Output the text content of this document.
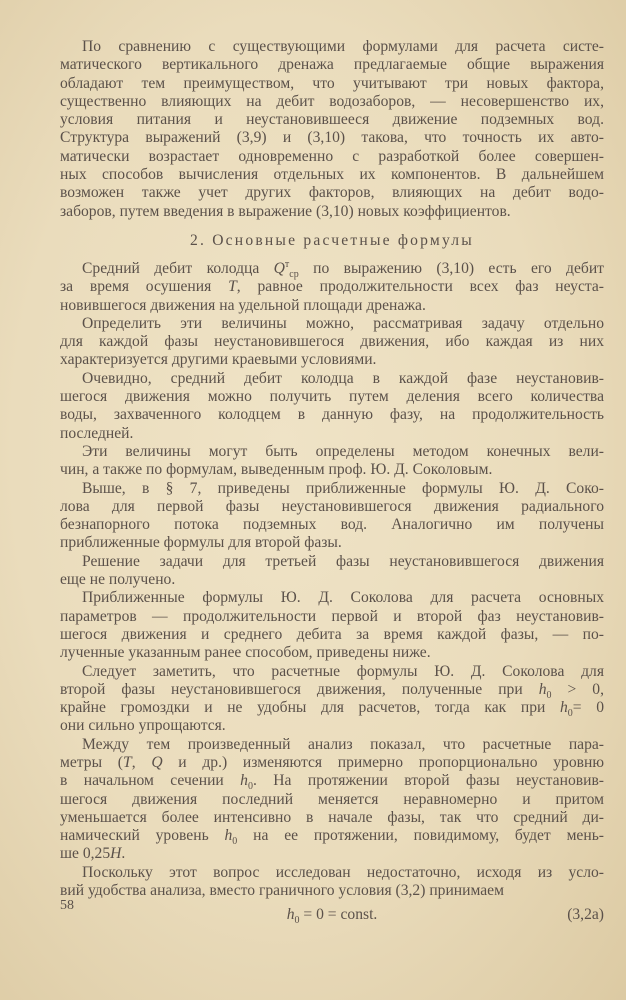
По сравнению с существующими формулами для расчета систе-
матического вертикального дренажа предлагаемые общие выражения
обладают тем преимуществом, что учитывают три новых фактора,
существенно влияющих на дебит водозаборов, — несовершенство их,
условия питания и неустановившееся движение подземных вод.
Структура выражений (3,9) и (3,10) такова, что точность их авто-
матически возрастает одновременно с разработкой более совершен-
ных способов вычисления отдельных их компонентов. В дальнейшем
возможен также учет других факторов, влияющих на дебит водо-
заборов, путем введения в выражение (3,10) новых коэффициентов.
2. Основные расчетные формулы
Средний дебит колодца $Q^т_{ср}$ по выражению (3,10) есть его дебит
за время осушения T, равное продолжительности всех фаз неуста-
новившегося движения на удельной площади дренажа.
Определить эти величины можно, рассматривая задачу отдельно
для каждой фазы неустановившегося движения, ибо каждая из них
характеризуется другими краевыми условиями.
Очевидно, средний дебит колодца в каждой фазе неустановив-
шегося движения можно получить путем деления всего количества
воды, захваченного колодцем в данную фазу, на продолжительность
последней.
Эти величины могут быть определены методом конечных вели-
чин, а также по формулам, выведенным проф. Ю. Д. Соколовым.
Выше, в § 7, приведены приближенные формулы Ю. Д. Соко-
лова для первой фазы неустановившегося движения радиального
безнапорного потока подземных вод. Аналогично им получены
приближенные формулы для второй фазы.
Решение задачи для третьей фазы неустановившегося движения
еще не получено.
Приближенные формулы Ю. Д. Соколова для расчета основных
параметров — продолжительности первой и второй фаз неустановив-
шегося движения и среднего дебита за время каждой фазы, — по-
лученные указанным ранее способом, приведены ниже.
Следует заметить, что расчетные формулы Ю. Д. Соколова для
второй фазы неустановившегося движения, полученные при $h_0 > 0$,
крайне громоздки и не удобны для расчетов, тогда как при $h_0= 0$
они сильно упрощаются.
Между тем произведенный анализ показал, что расчетные пара-
метры (T, Q и др.) изменяются примерно пропорционально уровню
в начальном сечении $h_0$. На протяжении второй фазы неустановив-
шегося движения последний меняется неравномерно и притом
уменьшается более интенсивно в начале фазы, так что средний ди-
намический уровень $h_0$ на ее протяжении, повидимому, будет мень-
ше 0,25H.
Поскольку этот вопрос исследован недостаточно, исходя из усло-
вий удобства анализа, вместо граничного условия (3,2) принимаем
$h_0 = 0$ = const.	(3,2a)
58
